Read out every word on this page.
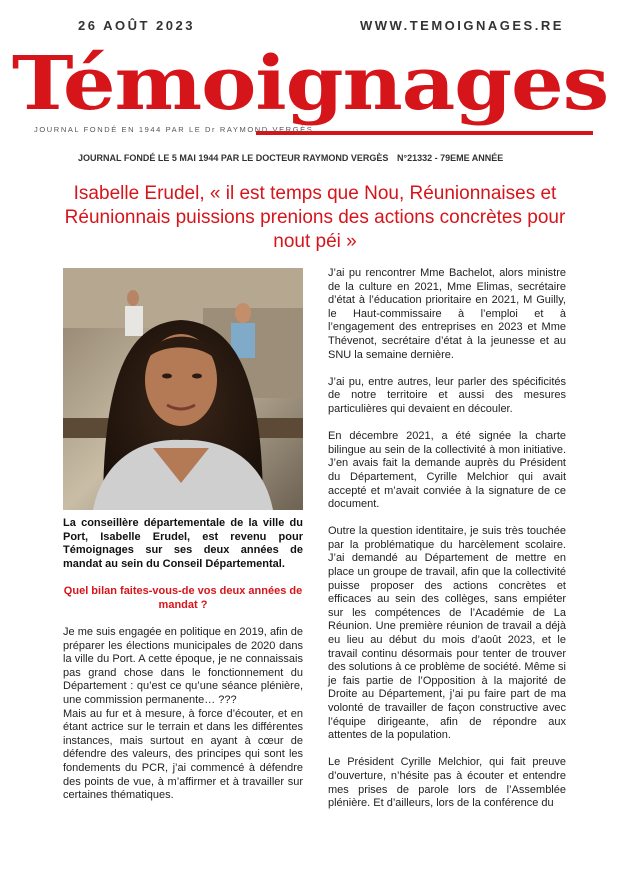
26 AOÛT 2023	WWW.TEMOIGNAGES.RE
Témoignages
JOURNAL FONDÉ EN 1944 PAR LE Dr RAYMOND VERGÈS
JOURNAL FONDÉ LE 5 MAI 1944 PAR LE DOCTEUR RAYMOND VERGÈS N°21332 - 79EME ANNÉE
Isabelle Erudel, « il est temps que Nou, Réunionnaises et Réunionnais puissions prenions des actions concrètes pour nout péi »
La conseillère départementale de la ville du Port, Isabelle Erudel, est revenu pour Témoignages sur ses deux années de mandat au sein du Conseil Départemental.
Quel bilan faites-vous-de vos deux années de mandat ?

Je me suis engagée en politique en 2019, afin de préparer les élections municipales de 2020 dans la ville du Port. A cette époque, je ne connaissais pas grand chose dans le fonctionnement du Département : qu’est ce qu’une séance plénière, une commission permanente… ???

Mais au fur et à mesure, à force d’écouter, et en étant actrice sur le terrain et dans les différentes instances, mais surtout en ayant à cœur de défendre des valeurs, des principes qui sont les fondements du PCR, j’ai commencé à défendre des points de vue, à m’affirmer et à travailler sur certaines thématiques.

J’ai pu rencontrer Mme Bachelot, alors ministre de la culture en 2021, Mme Elimas, secrétaire d’état à l’éducation prioritaire en 2021, M Guilly, le Haut-commissaire à l’emploi et à l’engagement des entreprises en 2023 et Mme Thévenot, secrétaire d’état à la jeunesse et au SNU la semaine dernière.

J’ai pu, entre autres, leur parler des spécificités de notre territoire et aussi des mesures particulières qui devaient en découler.

En décembre 2021, a été signée la charte bilingue au sein de la collectivité à mon initiative. J’en avais fait la demande auprès du Président du Département, Cyrille Melchior qui avait accepté et m’avait conviée à la signature de ce document.

Outre la question identitaire, je suis très touchée par la problématique du harcèlement scolaire. J’ai demandé au Département de mettre en place un groupe de travail, afin que la collectivité puisse proposer des actions concrètes et efficaces au sein des collèges, sans empiéter sur les compétences de l’Académie de La Réunion. Une première réunion de travail a déjà eu lieu au début du mois d’août 2023, et le travail continu désormais pour tenter de trouver des solutions à ce problème de société. Même si je fais partie de l’Opposition à la majorité de Droite au Département, j’ai pu faire part de ma volonté de travailler de façon constructive avec l’équipe dirigeante, afin de répondre aux attentes de la population.

Le Président Cyrille Melchior, qui fait preuve d’ouverture, n’hésite pas à écouter et entendre mes prises de parole lors de l’Assemblée plénière. Et d’ailleurs, lors de la conférence du
